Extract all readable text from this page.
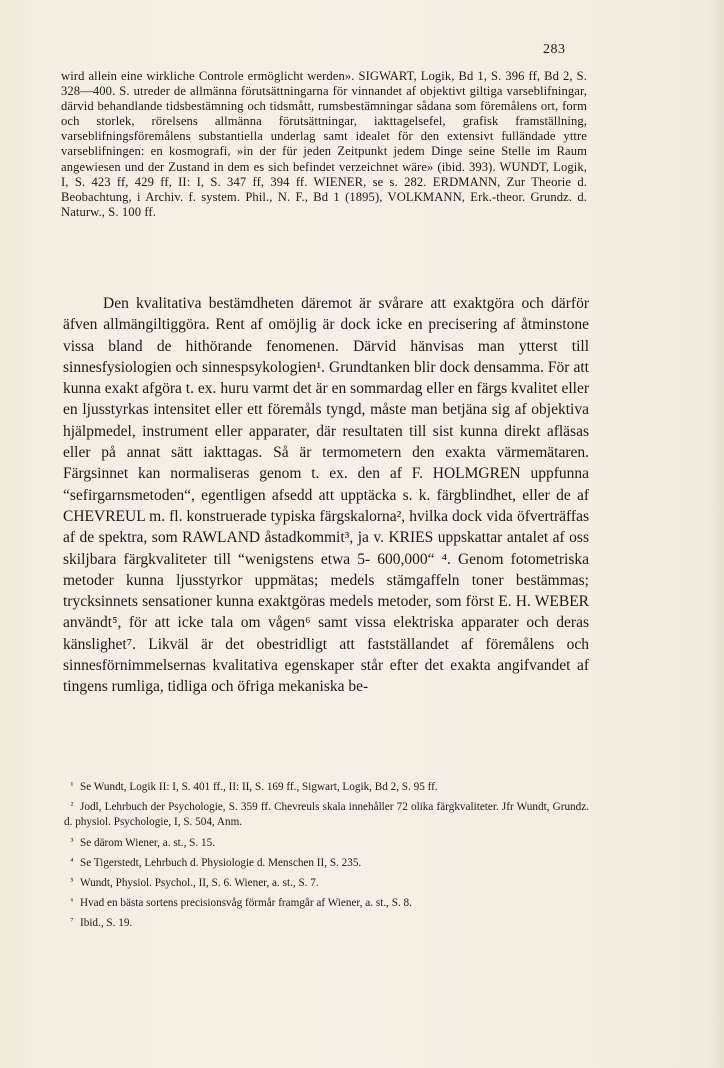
283
wird allein eine wirkliche Controle ermöglicht werden». SIGWART, Logik, Bd 1, S. 396 ff, Bd 2, S. 328—400. S. utreder de allmänna förutsättningarna för vinnandet af objektivt giltiga varseblifningar, därvid behandlande tidsbestämning och tidsmått, rumsbestämningar sådana som föremålens ort, form och storlek, rörelsens allmänna förutsättningar, iakttagelsefel, grafisk framställning, varseblifningsföremålens substantiella underlag samt idealet för den extensivt fulländade yttre varseblifningen: en kosmografi, »in der für jeden Zeitpunkt jedem Dinge seine Stelle im Raum angewiesen und der Zustand in dem es sich befindet verzeichnet wäre» (ibid. 393). WUNDT, Logik, I, S. 423 ff, 429 ff, II: I, S. 347 ff, 394 ff. WIENER, se s. 282. ERDMANN, Zur Theorie d. Beobachtung, i Archiv. f. system. Phil., N. F., Bd 1 (1895), VOLKMANN, Erk.-theor. Grundz. d. Naturw., S. 100 ff.

Den kvalitativa bestämdheten däremot är svårare att exaktgöra och därför äfven allmängiltiggöra. Rent af omöjlig är dock icke en precisering af åtminstone vissa bland de hithörande fenomenen. Därvid hänvisas man ytterst till sinnesfysiologien och sinnespsykologien¹. Grundtanken blir dock densamma. För att kunna exakt afgöra t. ex. huru varmt det är en sommardag eller en färgs kvalitet eller en ljusstyrkas intensitet eller ett föremåls tyngd, måste man betjäna sig af objektiva hjälpmedel, instrument eller apparater, där resultaten till sist kunna direkt afläsas eller på annat sätt iakttagas. Så är termometern den exakta värmemätaren. Färgsinnet kan normaliseras genom t. ex. den af F. HOLMGREN uppfunna “sefirgarnsmetoden“, egentligen afsedd att upptäcka s. k. färgblindhet, eller de af CHEVREUL m. fl. konstruerade typiska färgskalorna², hvilka dock vida öfverträffas af de spektra, som RAWLAND åstadkommit³, ja v. KRIES uppskattar antalet af oss skiljbara färgkvaliteter till “wenigstens etwa 5- 600,000“ ⁴. Genom fotometriska metoder kunna ljusstyrkor uppmätas; medels stämgaffeln toner bestämmas; trycksinnets sensationer kunna exaktgöras medels metoder, som först E. H. WEBER användt⁵, för att icke tala om vågen⁶ samt vissa elektriska apparater och deras känslighet⁷. Likväl är det obestridligt att fastställandet af föremålens och sinnesförnimmelsernas kvalitativa egenskaper står efter det exakta angifvandet af tingens rumliga, tidliga och öfriga mekaniska be-

¹ Se Wundt, Logik II: I, S. 401 ff., II: II, S. 169 ff., Sigwart, Logik, Bd 2, S. 95 ff.

² Jodl, Lehrbuch der Psychologie, S. 359 ff. Chevreuls skala innehåller 72 olika färgkvaliteter. Jfr Wundt, Grundz. d. physiol. Psychologie, I, S. 504, Anm.

³ Se därom Wiener, a. st., S. 15.

⁴ Se Tigerstedt, Lehrbuch d. Physiologie d. Menschen II, S. 235.

⁵ Wundt, Physiol. Psychol., II, S. 6. Wiener, a. st., S. 7.

⁶ Hvad en bästa sortens precisionsvåg förmår framgår af Wiener, a. st., S. 8.

⁷ Ibid., S. 19.
